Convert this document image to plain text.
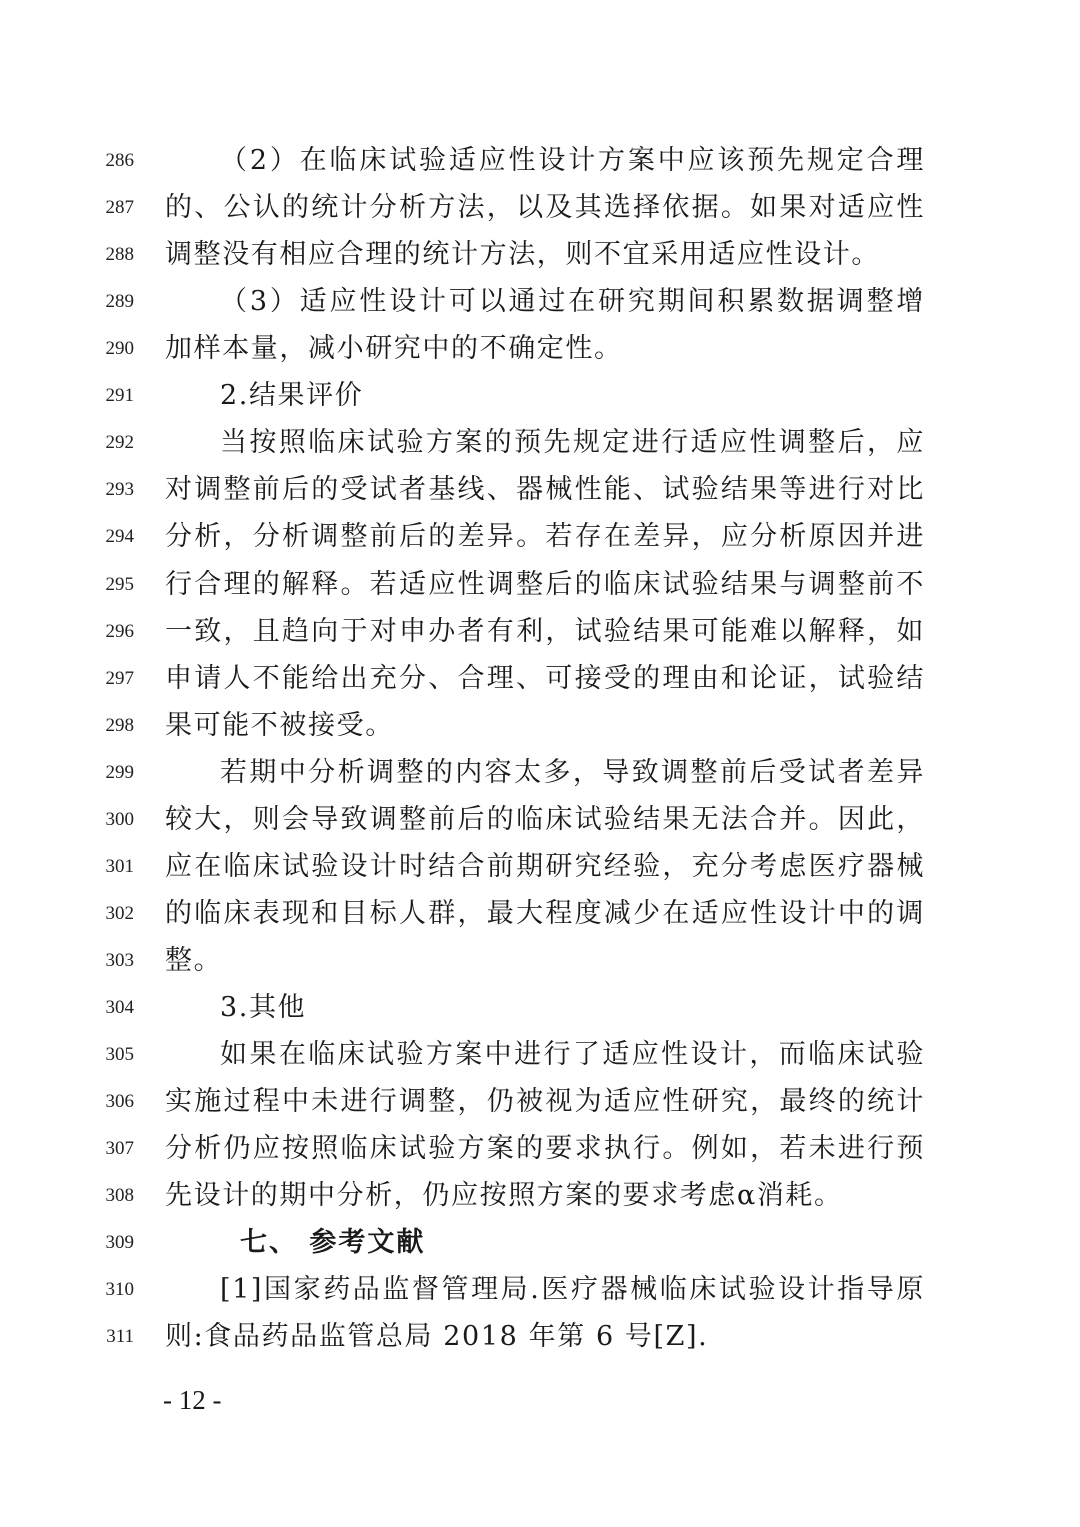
286	（2）在临床试验适应性设计方案中应该预先规定合理
287 的、公认的统计分析方法，以及其选择依据。如果对适应性
288 调整没有相应合理的统计方法，则不宜采用适应性设计。
289	（3）适应性设计可以通过在研究期间积累数据调整增
290 加样本量，减小研究中的不确定性。
291	2.结果评价
292	当按照临床试验方案的预先规定进行适应性调整后，应
293 对调整前后的受试者基线、器械性能、试验结果等进行对比
294 分析，分析调整前后的差异。若存在差异，应分析原因并进
295 行合理的解释。若适应性调整后的临床试验结果与调整前不
296 一致，且趋向于对申办者有利，试验结果可能难以解释，如
297 申请人不能给出充分、合理、可接受的理由和论证，试验结
298 果可能不被接受。
299	若期中分析调整的内容太多，导致调整前后受试者差异
300 较大，则会导致调整前后的临床试验结果无法合并。因此，
301 应在临床试验设计时结合前期研究经验，充分考虑医疗器械
302 的临床表现和目标人群，最大程度减少在适应性设计中的调
303 整。
304	3.其他
305	如果在临床试验方案中进行了适应性设计，而临床试验
306 实施过程中未进行调整，仍被视为适应性研究，最终的统计
307 分析仍应按照临床试验方案的要求执行。例如，若未进行预
308 先设计的期中分析，仍应按照方案的要求考虑α消耗。
309	七、 参考文献
310	[1]国家药品监督管理局.医疗器械临床试验设计指导原
311 则:食品药品监管总局 2018 年第 6 号[Z].
- 12 -
